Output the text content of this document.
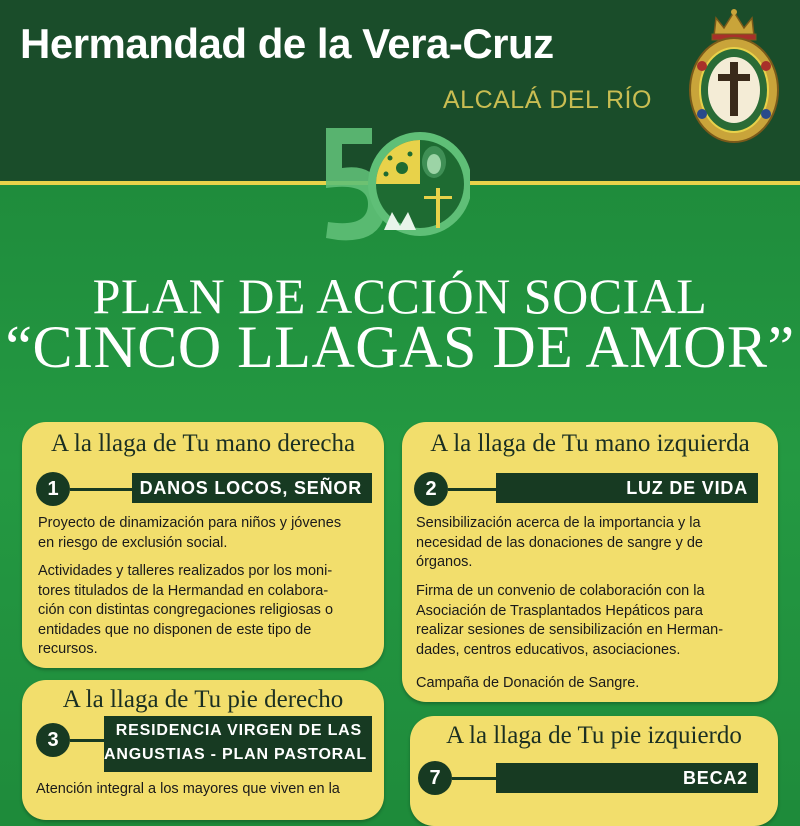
Hermandad de la Vera-Cruz
ALCALÁ DEL RÍO
PLAN DE ACCIÓN SOCIAL
“CINCO LLAGAS DE AMOR”
A la llaga de Tu mano derecha
1	DANOS LOCOS, SEÑOR

Proyecto de dinamización para niños y jóvenes
en riesgo de exclusión social.

Actividades y talleres realizados por los moni-
tores titulados de la Hermandad en colabora-
ción con distintas congregaciones religiosas o
entidades que no disponen de este tipo de
recursos.

A la llaga de Tu mano izquierda
2	LUZ DE VIDA

Sensibilización acerca de la importancia y la
necesidad de las donaciones de sangre y de
órganos.

Firma de un convenio de colaboración con la
Asociación de Trasplantados Hepáticos para
realizar sesiones de sensibilización en Herman-
dades, centros educativos, asociaciones.

Campaña de Donación de Sangre.

A la llaga de Tu pie derecho
3	RESIDENCIA VIRGEN DE LAS
ANGUSTIAS - PLAN PASTORAL

Atención integral a los mayores que viven en la

A la llaga de Tu pie izquierdo
7	BECA2
